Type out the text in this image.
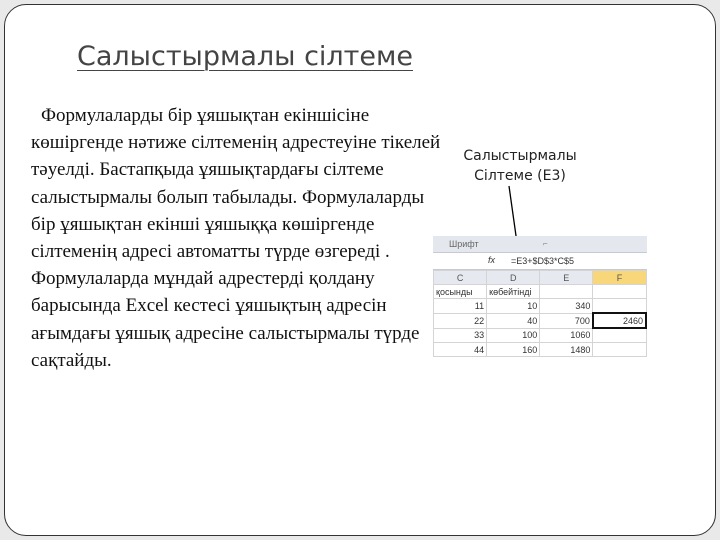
Салыстырмалы сілтеме
Формулаларды бір ұяшықтан екіншісіне көшіргенде нәтиже сілтеменің адрестеуіне тікелей тәуелді. Бастапқыда ұяшықтардағы сілтеме салыстырмалы болып табылады. Формулаларды бір ұяшықтан екінші ұяшыққа көшіргенде сілтеменің адресі автоматты түрде өзгереді . Формулаларда мұндай адрестерді қолдану барысында Excel кестесі ұяшықтың адресін ағымдағы ұяшық адресіне салыстырмалы түрде сақтайды.
Салыстырмалы
Сілтеме (E3)
Шрифт	⌐
fx =E3+$D$3*C$5
C	D	E	F
қосынды	көбейтінді		
11	10	340	
22	40	700	2460
33	100	1060	
44	160	1480	
